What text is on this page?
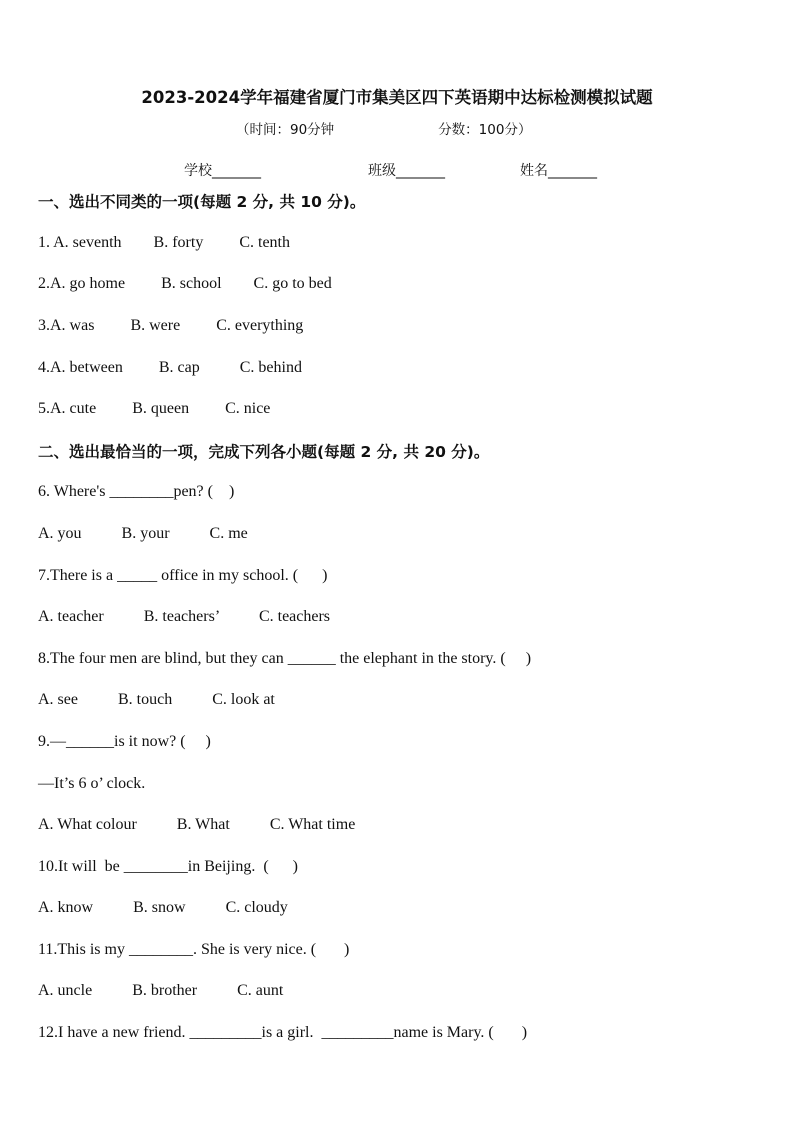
2023-2024学年福建省厦门市集美区四下英语期中达标检测模拟试题
（时间：90分钟	分数：100分）
学校_______	班级_______	姓名_______
一、选出不同类的一项(每题 2 分, 共 10 分)。
1. A. seventh        B. forty         C. tenth
2.A. go home         B. school        C. go to bed
3.A. was         B. were         C. everything
4.A. between         B. cap          C. behind
5.A. cute         B. queen         C. nice
二、选出最恰当的一项，完成下列各小题(每题 2 分, 共 20 分)。
6. Where's ________pen? (    )
A. you          B. your          C. me
7.There is a _____ office in my school. (      )
A. teacher          B. teachers’          C. teachers
8.The four men are blind, but they can ______ the elephant in the story. (     )
A. see          B. touch          C. look at
9.—______is it now? (     )
—It’s 6 o’ clock.
A. What colour          B. What          C. What time
10.It will  be ________in Beijing.  (      )
A. know          B. snow          C. cloudy
11.This is my ________. She is very nice. (       )
A. uncle          B. brother          C. aunt
12.I have a new friend. _________is a girl.  _________name is Mary. (       )
